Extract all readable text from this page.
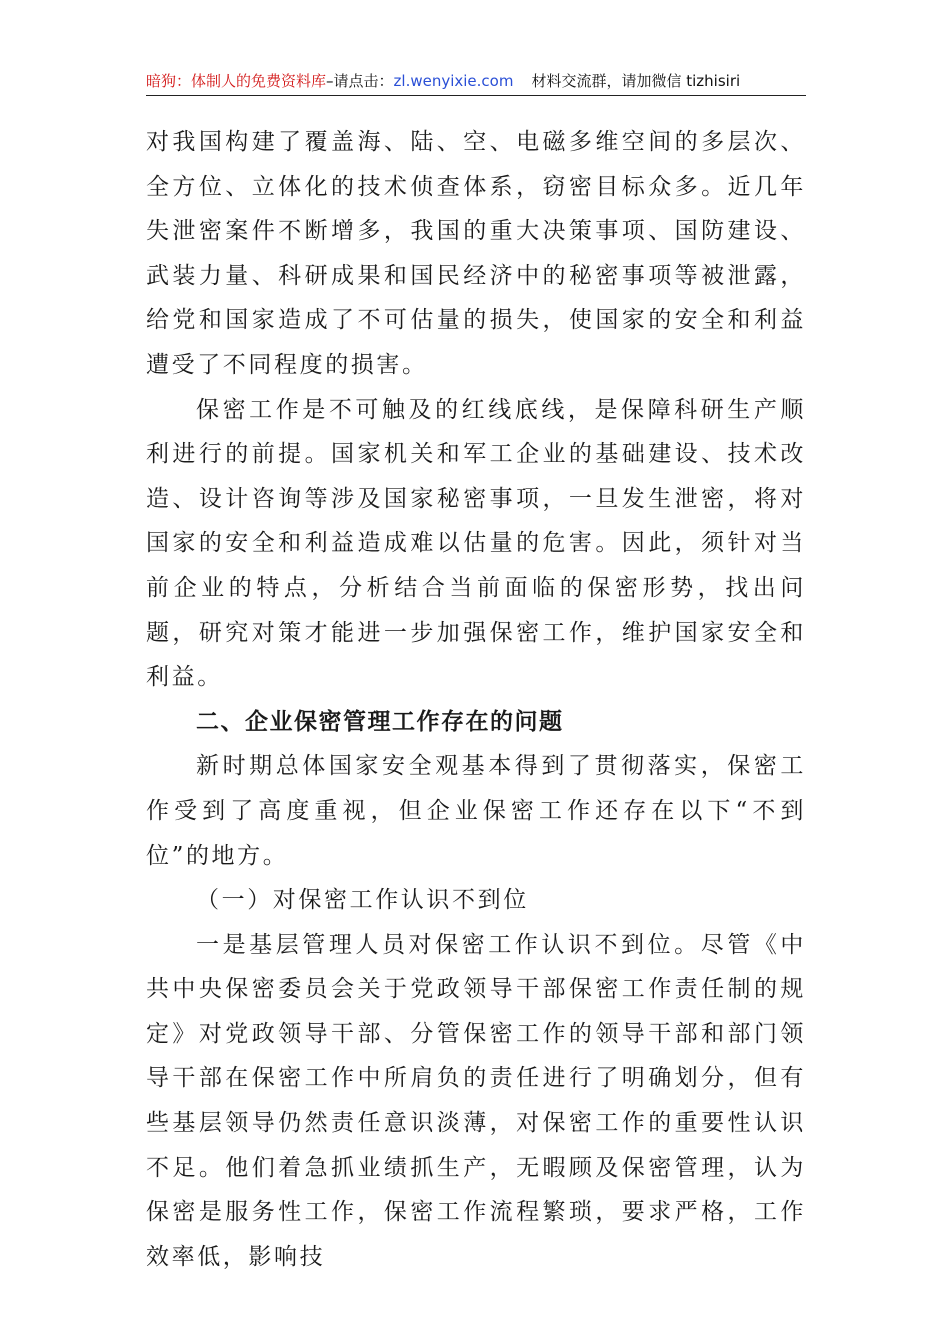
暗狗：体制人的免费资料库–请点击：zl.wenyixie.com 材料交流群，请加微信 tizhisiri

对我国构建了覆盖海、陆、空、电磁多维空间的多层次、全方位、立体化的技术侦查体系，窃密目标众多。近几年失泄密案件不断增多，我国的重大决策事项、国防建设、武装力量、科研成果和国民经济中的秘密事项等被泄露，给党和国家造成了不可估量的损失，使国家的安全和利益遭受了不同程度的损害。

保密工作是不可触及的红线底线，是保障科研生产顺利进行的前提。国家机关和军工企业的基础建设、技术改造、设计咨询等涉及国家秘密事项，一旦发生泄密，将对国家的安全和利益造成难以估量的危害。因此，须针对当前企业的特点，分析结合当前面临的保密形势，找出问题，研究对策才能进一步加强保密工作，维护国家安全和利益。

二、企业保密管理工作存在的问题

新时期总体国家安全观基本得到了贯彻落实，保密工作受到了高度重视，但企业保密工作还存在以下“不到位”的地方。

（一）对保密工作认识不到位

一是基层管理人员对保密工作认识不到位。尽管《中共中央保密委员会关于党政领导干部保密工作责任制的规定》对党政领导干部、分管保密工作的领导干部和部门领导干部在保密工作中所肩负的责任进行了明确划分，但有些基层领导仍然责任意识淡薄，对保密工作的重要性认识不足。他们着急抓业绩抓生产，无暇顾及保密管理，认为保密是服务性工作，保密工作流程繁琐，要求严格，工作效率低，影响技
